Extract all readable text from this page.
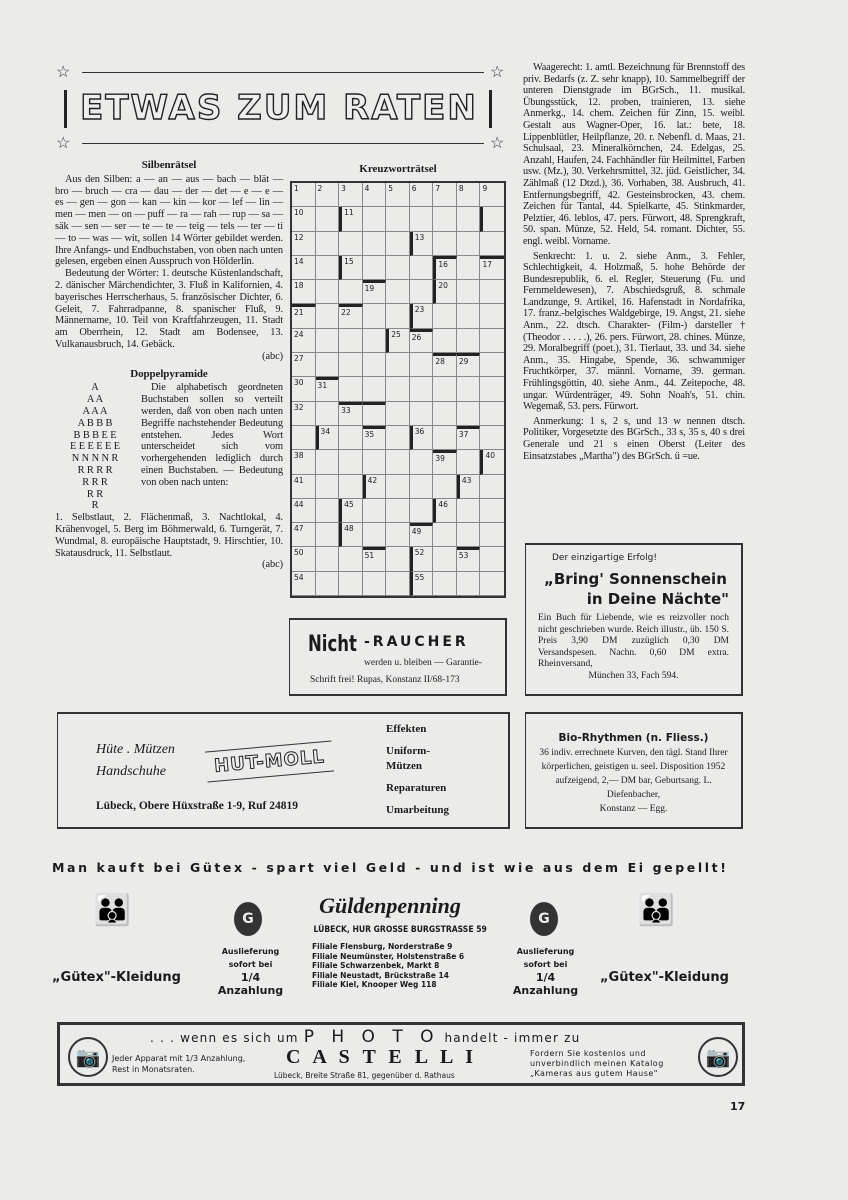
☆	☆
☆	☆
ETWAS ZUM RATEN
Silbenrätsel

Aus den Silben: a — an — aus — bach — blät — bro — bruch — cra — dau — der — det — e — e — es — gen — gon — kan — kin — kor — lef — lin — men — men — on — puff — ra — rah — rup — sa — säk — sen — ser — te — te — teig — tels — ter — ti — to — was — wit, sollen 14 Wörter gebildet werden. Ihre Anfangs- und Endbuchstaben, von oben nach unten gelesen, ergeben einen Ausspruch von Hölderlin.

Bedeutung der Wörter: 1. deutsche Küstenlandschaft, 2. dänischer Märchendichter, 3. Fluß in Kalifornien, 4. bayerisches Herrscherhaus, 5. französischer Dichter, 6. Geleit, 7. Fahrradpanne, 8. spanischer Fluß, 9. Männername, 10. Teil von Kraftfahrzeugen, 11. Stadt am Oberrhein, 12. Stadt am Bodensee, 13. Vulkanausbruch, 14. Gebäck.

(abc)
Doppelpyramide
A
A A
A A A
A B B B
B B B E E
E E E E E E
N N N N R
R R R R
R R R
R R
R

Die alphabetisch geordneten Buchstaben sollen so verteilt werden, daß von oben nach unten Begriffe nachstehender Bedeutung entstehen. Jedes Wort unterscheidet sich vom vorhergehenden lediglich durch einen Buchstaben. — Bedeutung von oben nach unten:

1. Selbstlaut, 2. Flächenmaß, 3. Nachtlokal, 4. Krähenvogel, 5. Berg im Böhmerwald, 6. Turngerät, 7. Wundmal, 8. europäische Hauptstadt, 9. Hirschtier, 10. Skatausdruck, 11. Selbstlaut.

(abc)
Kreuzworträtsel
1	2	3	4	5	6	7	8	9
10	11
12	13
14	15	16	17
18	19	20
21	22	23
24	25	26
27	28	29
30	31
32	33
34	35	36	37
38	39	40
41	42	43
44	45	46
47	48	49
50	51	52	53
54	55

Waagerecht: 1. amtl. Bezeichnung für Brennstoff des priv. Bedarfs (z. Z. sehr knapp), 10. Sammelbegriff der unteren Dienstgrade im BGrSch., 11. musikal. Übungsstück, 12. proben, trainieren, 13. siehe Anmerkg., 14. chem. Zeichen für Zinn, 15. weibl. Gestalt aus Wagner-Oper, 16. lat.: bete, 18. Lippenblütler, Heilpflanze, 20. r. Nebenfl. d. Maas, 21. Schulsaal, 23. Mineralkörnchen, 24. Edelgas, 25. Anzahl, Haufen, 24. Fachhändler für Heilmittel, Farben usw. (Mz.), 30. Verkehrsmittel, 32. jüd. Geistlicher, 34. Zählmaß (12 Dtzd.), 36. Vorhaben, 38. Ausbruch, 41. Entfernungsbegriff, 42. Gesteinsbrocken, 43. chem. Zeichen für Tantal, 44. Spielkarte, 45. Stinkmarder, Pelztier, 46. leblos, 47. pers. Fürwort, 48. Sprengkraft, 50. span. Münze, 52. Held, 54. romant. Dichter, 55. engl. weibl. Vorname.

Senkrecht: 1. u. 2. siehe Anm., 3. Fehler, Schlechtigkeit, 4. Holzmaß, 5. hohe Behörde der Bundesrepublik, 6. el. Regler, Steuerung (Fu. und Fernmeldewesen), 7. Abschiedsgruß, 8. schmale Landzunge, 9. Artikel, 16. Hafenstadt in Nordafrika, 17. franz.-belgisches Waldgebirge, 19. Angst, 21. siehe Anm., 22. dtsch. Charakter- (Film-) darsteller † (Theodor . . . . .), 26. pers. Fürwort, 28. chines. Münze, 29. Moralbegriff (poet.), 31. Tierlaut, 33. und 34. siehe Anm., 35. Hingabe, Spende, 36. schwammiger Fruchtkörper, 37. männl. Vorname, 39. german. Frühlingsgöttin, 40. siehe Anm., 44. Zeitepoche, 48. ungar. Würdenträger, 49. Sohn Noah's, 51. chin. Wegemaß, 53. pers. Fürwort.

Anmerkung: 1 s, 2 s, und 13 w nennen dtsch. Politiker, Vorgesetzte des BGrSch., 33 s, 35 s, 40 s drei Generale und 21 s einen Oberst (Leiter des Einsatzstabes „Martha") des BGrSch. ü =ue.

Der einzigartige Erfolg!
„Bring' Sonnenschein
in Deine Nächte"
Ein Buch für Liebende, wie es reizvoller noch nicht geschrieben wurde. Reich illustr., üb. 150 S. Preis 3,90 DM zuzüglich 0,30 DM Versandspesen. Nachn. 0,60 DM extra. Rheinversand,
München 33, Fach 594.
Nicht -RAUCHER
werden u. bleiben — Garantie-
Schrift frei! Rupas, Konstanz II/68-173
Hüte . Mützen
Handschuhe	HUT-MOLL
Lübeck, Obere Hüxstraße 1-9, Ruf 24819
Effekten
Uniform-
Mützen
Reparaturen
Umarbeitung
Bio-Rhythmen (n. Fliess.)
36 indiv. errechnete Kurven, den tägl. Stand Ihrer körperlichen, geistigen u. seel. Disposition 1952 aufzeigend, 2,— DM bar, Geburtsang. L. Diefenbacher,
Konstanz — Egg.
Man kauft bei Gütex - spart viel Geld - und ist wie aus dem Ei gepellt!
👪
„Gütex"-Kleidung
G
Auslieferung
sofort bei
1/4 Anzahlung
Güldenpenning
LÜBECK, HUR GROSSE BURGSTRASSE 59
Filiale Flensburg, Norderstraße 9
Filiale Neumünster, Holstenstraße 6
Filiale Schwarzenbek, Markt 8
Filiale Neustadt, Brückstraße 14
Filiale Kiel, Knooper Weg 118
G
Auslieferung
sofort bei
1/4 Anzahlung
👪
„Gütex"-Kleidung
📷	📷
. . . wenn es sich um P H O T O handelt - immer zu
Jeder Apparat mit 1/3 Anzahlung,
Rest in Monatsraten.
C A S T E L L I
Lübeck, Breite Straße 81, gegenüber d. Rathaus
Fordern Sie kostenlos und
unverbindlich meinen Katalog
„Kameras aus gutem Hause"
17
